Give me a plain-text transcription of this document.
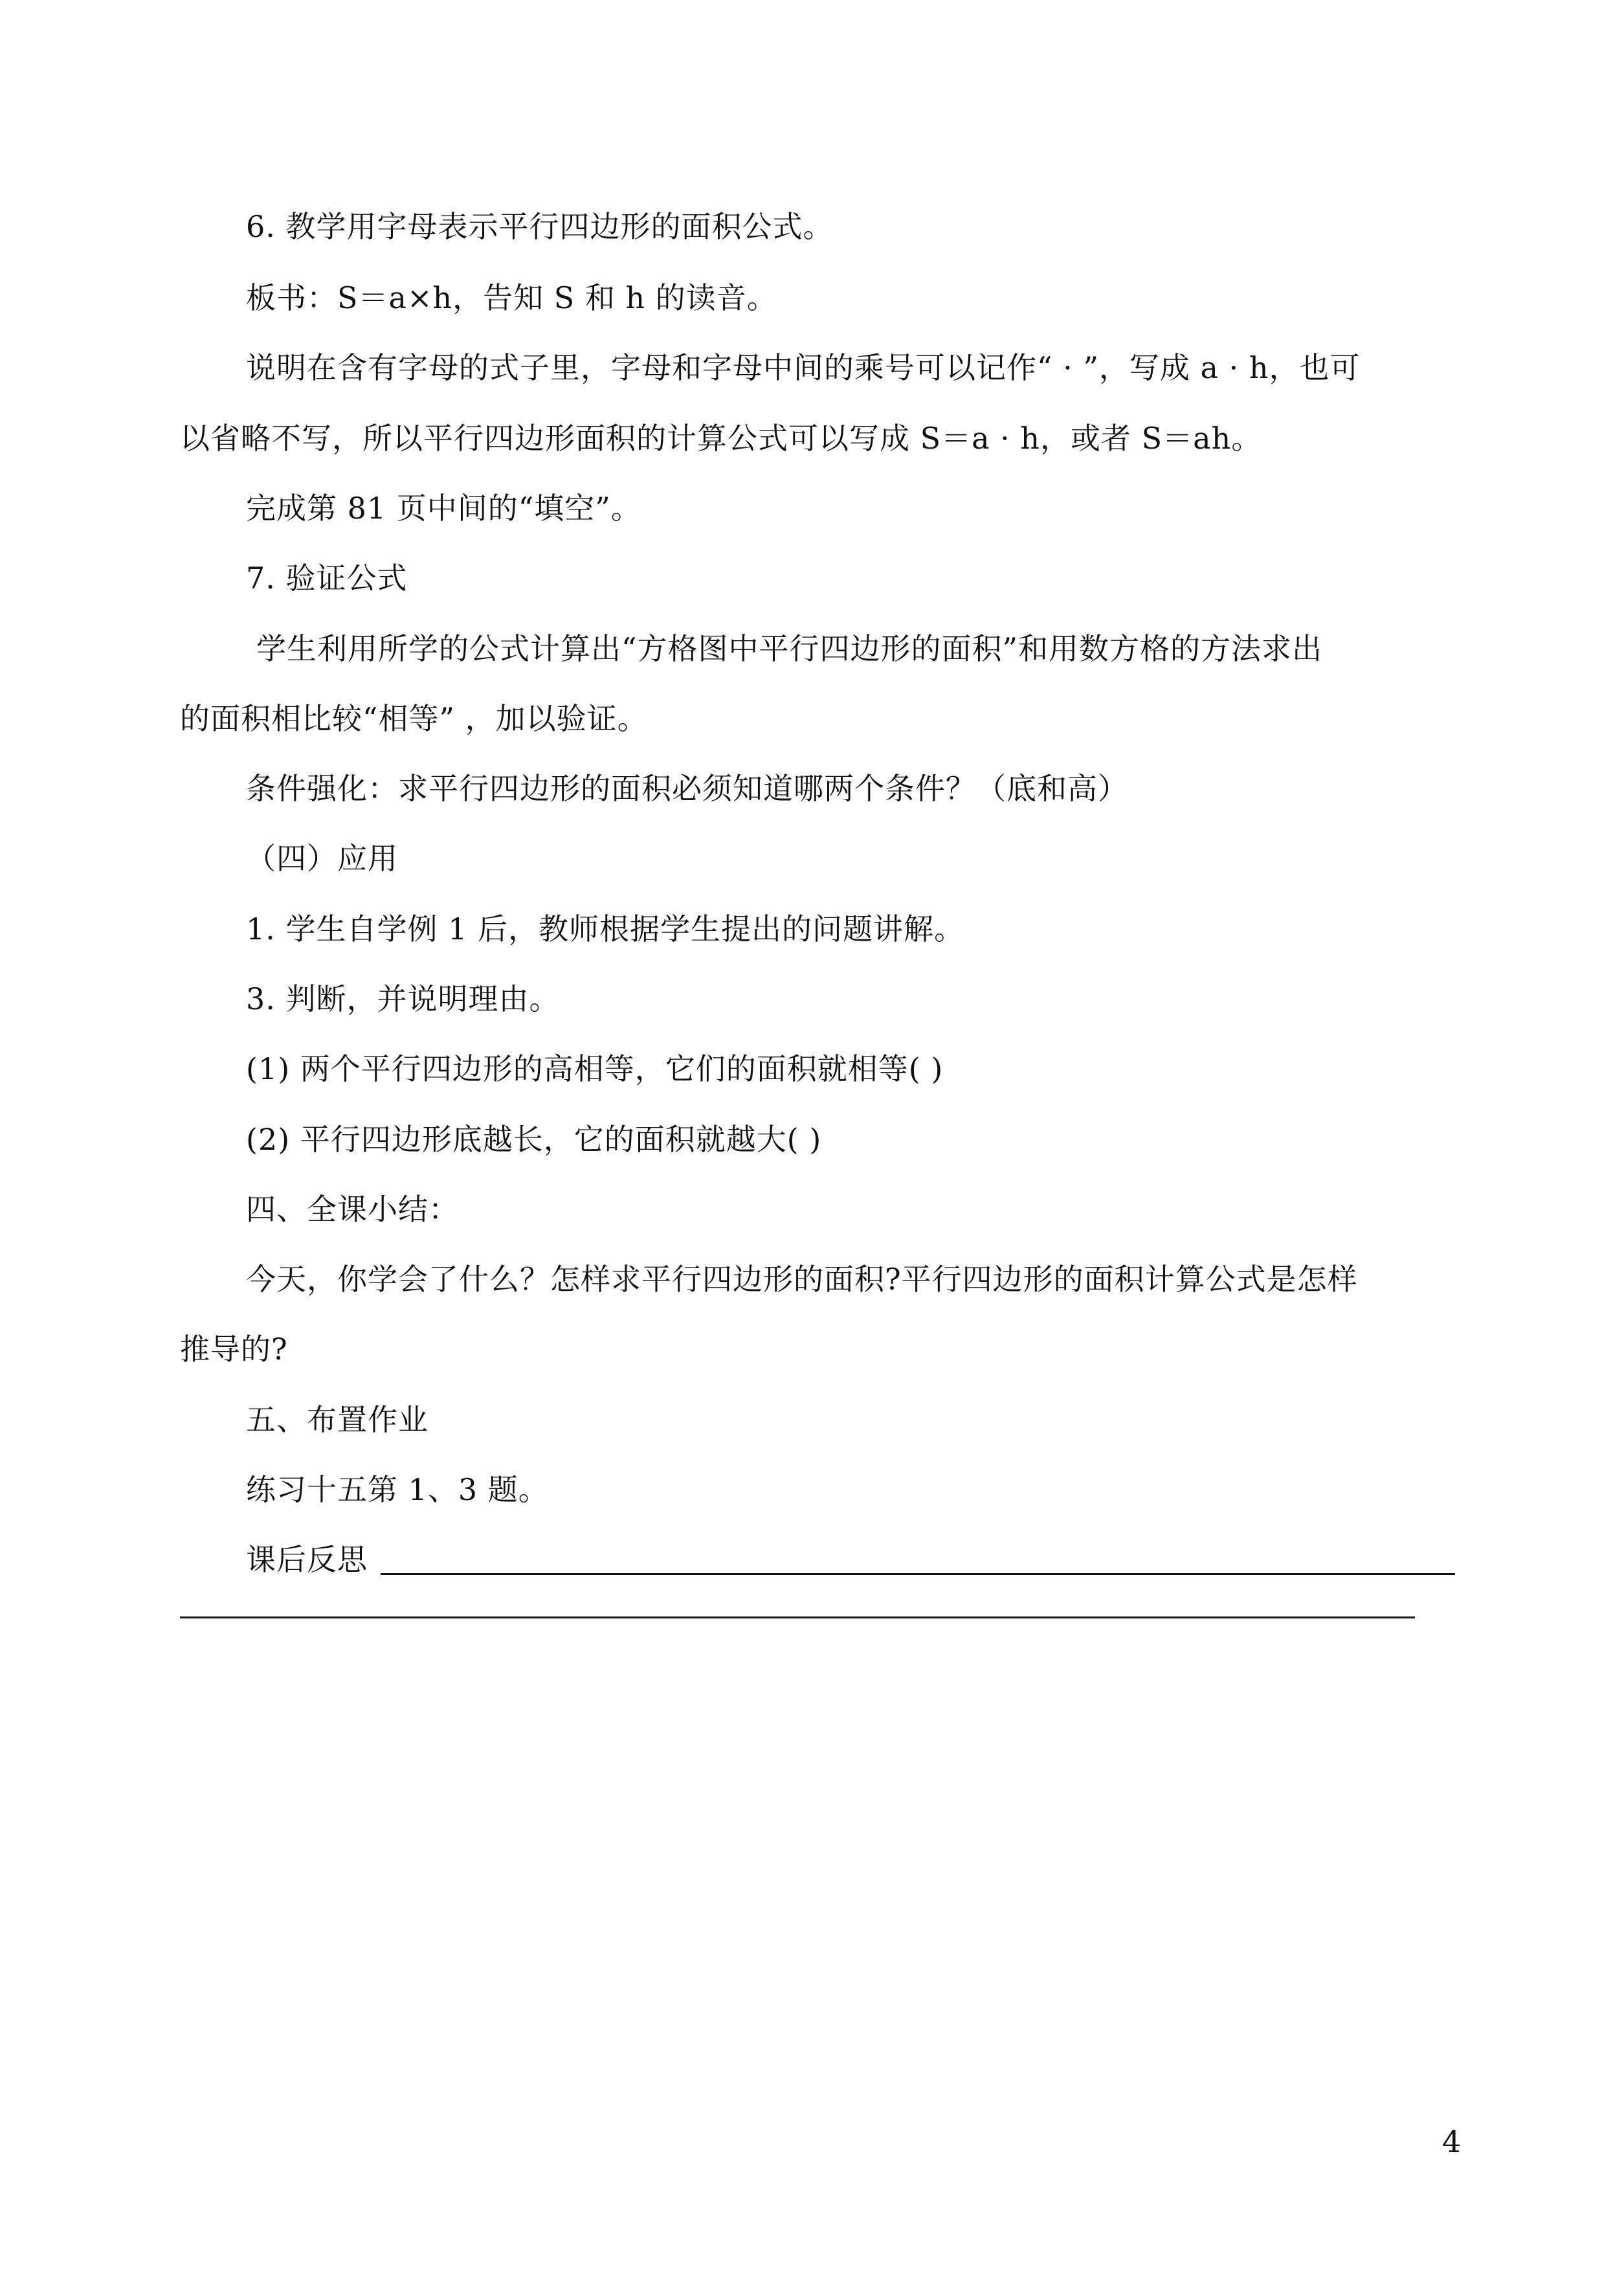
6. 教学用字母表示平行四边形的面积公式。
板书：S＝a×h，告知 S 和 h 的读音。
说明在含有字母的式子里，字母和字母中间的乘号可以记作“ · ”，写成 a · h，也可
以省略不写，所以平行四边形面积的计算公式可以写成 S＝a · h，或者 S＝ah。
完成第 81 页中间的“填空”。
7. 验证公式
学生利用所学的公式计算出“方格图中平行四边形的面积”和用数方格的方法求出
的面积相比较“相等” ，加以验证。
条件强化：求平行四边形的面积必须知道哪两个条件？（底和高）
（四）应用
1. 学生自学例 1 后，教师根据学生提出的问题讲解。
3. 判断，并说明理由。
(1) 两个平行四边形的高相等，它们的面积就相等( )
(2) 平行四边形底越长，它的面积就越大( )
四、全课小结：
今天，你学会了什么？怎样求平行四边形的面积?平行四边形的面积计算公式是怎样
推导的?
五、布置作业
练习十五第 1、3 题。
课后反思
4
